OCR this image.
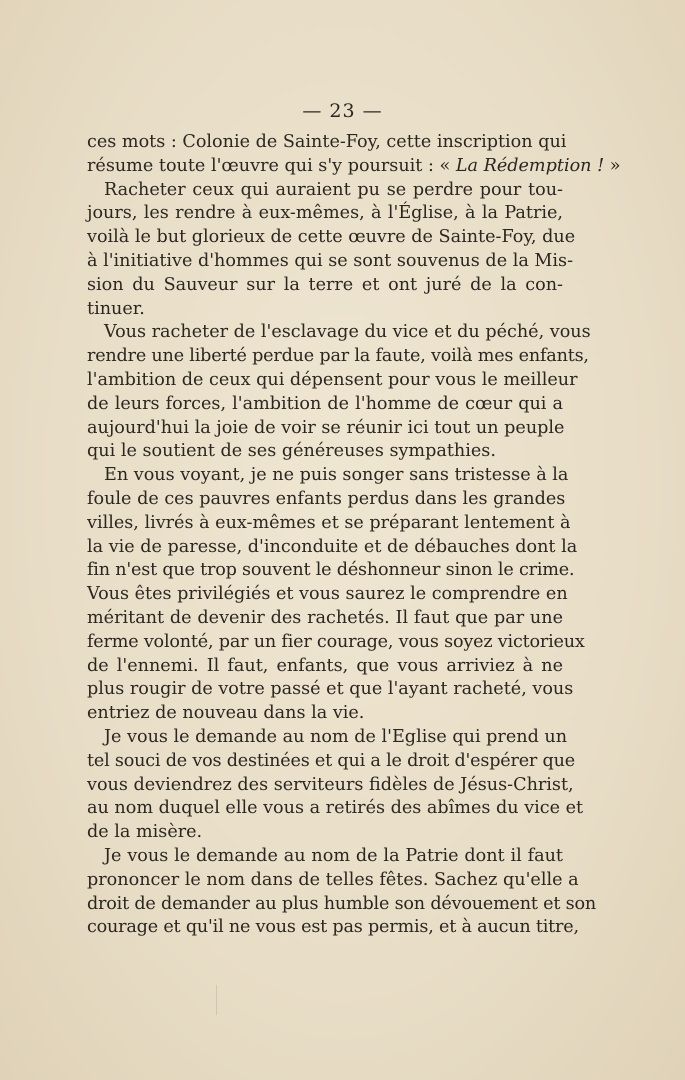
— 23 —
ces mots : Colonie de Sainte-Foy, cette inscription qui
résume toute l'œuvre qui s'y poursuit : « La Rédemption ! »
Racheter ceux qui auraient pu se perdre pour tou-
jours, les rendre à eux-mêmes, à l'Église, à la Patrie,
voilà le but glorieux de cette œuvre de Sainte-Foy, due
à l'initiative d'hommes qui se sont souvenus de la Mis-
sion du Sauveur sur la terre et ont juré de la con-
tinuer.
Vous racheter de l'esclavage du vice et du péché, vous
rendre une liberté perdue par la faute, voilà mes enfants,
l'ambition de ceux qui dépensent pour vous le meilleur
de leurs forces, l'ambition de l'homme de cœur qui a
aujourd'hui la joie de voir se réunir ici tout un peuple
qui le soutient de ses généreuses sympathies.
En vous voyant, je ne puis songer sans tristesse à la
foule de ces pauvres enfants perdus dans les grandes
villes, livrés à eux-mêmes et se préparant lentement à
la vie de paresse, d'inconduite et de débauches dont la
fin n'est que trop souvent le déshonneur sinon le crime.
Vous êtes privilégiés et vous saurez le comprendre en
méritant de devenir des rachetés. Il faut que par une
ferme volonté, par un fier courage, vous soyez victorieux
de l'ennemi. Il faut, enfants, que vous arriviez à ne
plus rougir de votre passé et que l'ayant racheté, vous
entriez de nouveau dans la vie.
Je vous le demande au nom de l'Eglise qui prend un
tel souci de vos destinées et qui a le droit d'espérer que
vous deviendrez des serviteurs fidèles de Jésus-Christ,
au nom duquel elle vous a retirés des abîmes du vice et
de la misère.
Je vous le demande au nom de la Patrie dont il faut
prononcer le nom dans de telles fêtes. Sachez qu'elle a
droit de demander au plus humble son dévouement et son
courage et qu'il ne vous est pas permis, et à aucun titre,
